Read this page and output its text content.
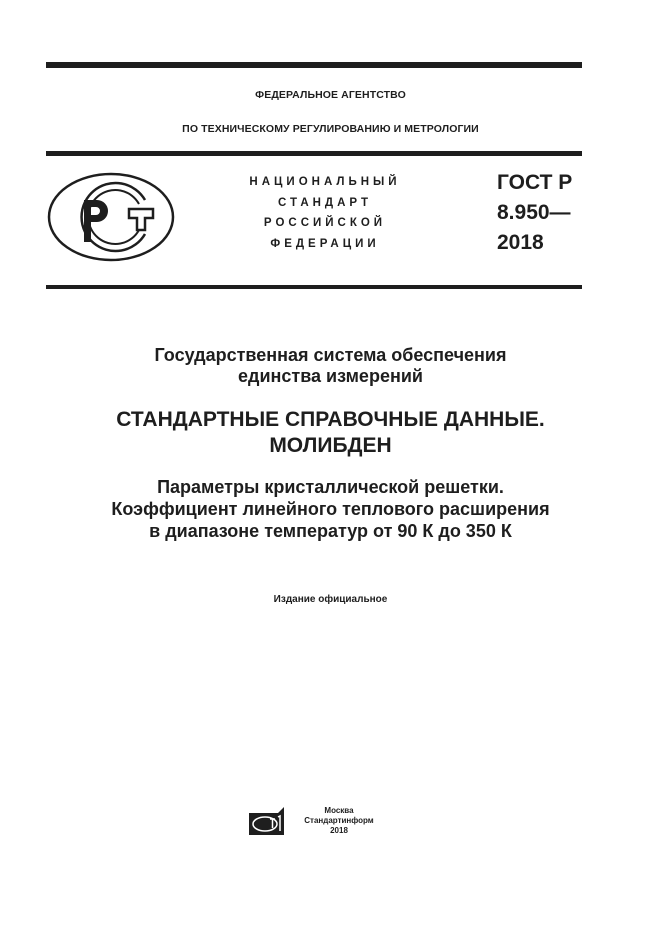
ФЕДЕРАЛЬНОЕ АГЕНТСТВО
ПО ТЕХНИЧЕСКОМУ РЕГУЛИРОВАНИЮ И МЕТРОЛОГИИ
НАЦИОНАЛЬНЫЙ
СТАНДАРТ
РОССИЙСКОЙ
ФЕДЕРАЦИИ
ГОСТ Р
8.950—
2018
Государственная система обеспечения
единства измерений
СТАНДАРТНЫЕ СПРАВОЧНЫЕ ДАННЫЕ.
МОЛИБДЕН
Параметры кристаллической решетки.
Коэффициент линейного теплового расширения
в диапазоне температур от 90 К до 350 К
Издание официальное
Москва
Стандартинформ
2018
